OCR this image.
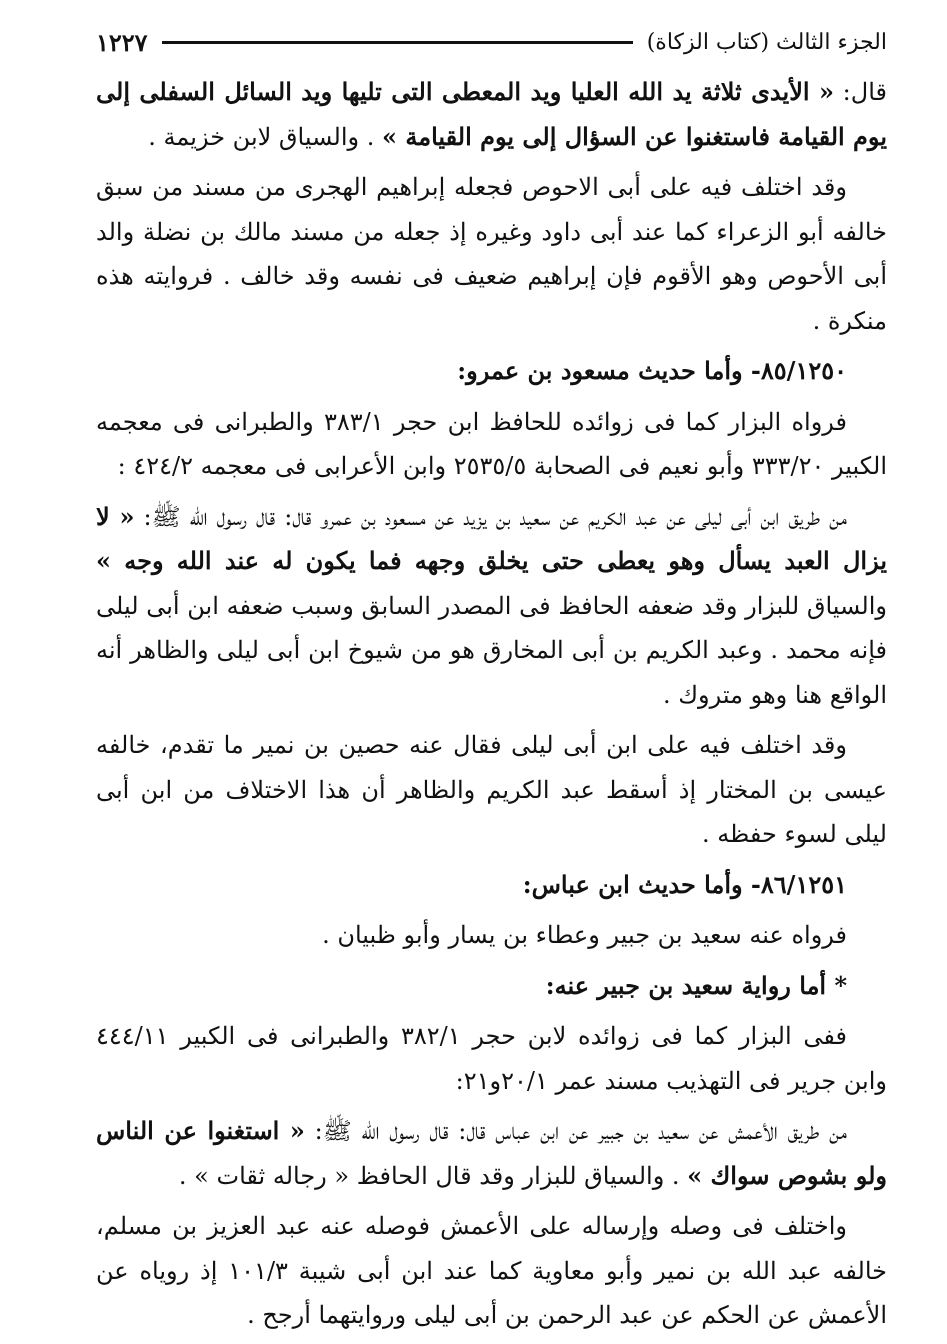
الجزء الثالث (كتاب الزكاة)
١٢٢٧

قال: « الأيدى ثلاثة يد الله العليا ويد المعطى التى تليها ويد السائل السفلى إلى يوم القيامة فاستغنوا عن السؤال إلى يوم القيامة » . والسياق لابن خزيمة .

وقد اختلف فيه على أبى الاحوص فجعله إبراهيم الهجرى من مسند من سبق خالفه أبو الزعراء كما عند أبى داود وغيره إذ جعله من مسند مالك بن نضلة والد أبى الأحوص وهو الأقوم فإن إبراهيم ضعيف فى نفسه وقد خالف . فروايته هذه منكرة .

٨٥/١٢٥٠- وأما حديث مسعود بن عمرو:

فرواه البزار كما فى زوائده للحافظ ابن حجر ٣٨٣/١ والطبرانى فى معجمه الكبير ٣٣٣/٢٠ وأبو نعيم فى الصحابة ٢٥٣٥/٥ وابن الأعرابى فى معجمه ٤٢٤/٢ :

من طريق ابن أبى ليلى عن عبد الكريم عن سعيد بن يزيد عن مسعود بن عمرو قال: قال رسول الله ﷺ: « لا يزال العبد يسأل وهو يعطى حتى يخلق وجهه فما يكون له عند الله وجه » والسياق للبزار وقد ضعفه الحافظ فى المصدر السابق وسبب ضعفه ابن أبى ليلى فإنه محمد . وعبد الكريم بن أبى المخارق هو من شيوخ ابن أبى ليلى والظاهر أنه الواقع هنا وهو متروك .

وقد اختلف فيه على ابن أبى ليلى فقال عنه حصين بن نمير ما تقدم، خالفه عيسى بن المختار إذ أسقط عبد الكريم والظاهر أن هذا الاختلاف من ابن أبى ليلى لسوء حفظه .

٨٦/١٢٥١- وأما حديث ابن عباس:

فرواه عنه سعيد بن جبير وعطاء بن يسار وأبو ظبيان .

* أما رواية سعيد بن جبير عنه:

ففى البزار كما فى زوائده لابن حجر ٣٨٢/١ والطبرانى فى الكبير ٤٤٤/١١ وابن جرير فى التهذيب مسند عمر ٢٠/١و٢١:

من طريق الأعمش عن سعيد بن جبير عن ابن عباس قال: قال رسول الله ﷺ: « استغنوا عن الناس ولو بشوص سواك » . والسياق للبزار وقد قال الحافظ « رجاله ثقات » .

واختلف فى وصله وإرساله على الأعمش فوصله عنه عبد العزيز بن مسلم، خالفه عبد الله بن نمير وأبو معاوية كما عند ابن أبى شيبة ١٠١/٣ إذ روياه عن الأعمش عن الحكم عن عبد الرحمن بن أبى ليلى وروايتهما أرجح .
